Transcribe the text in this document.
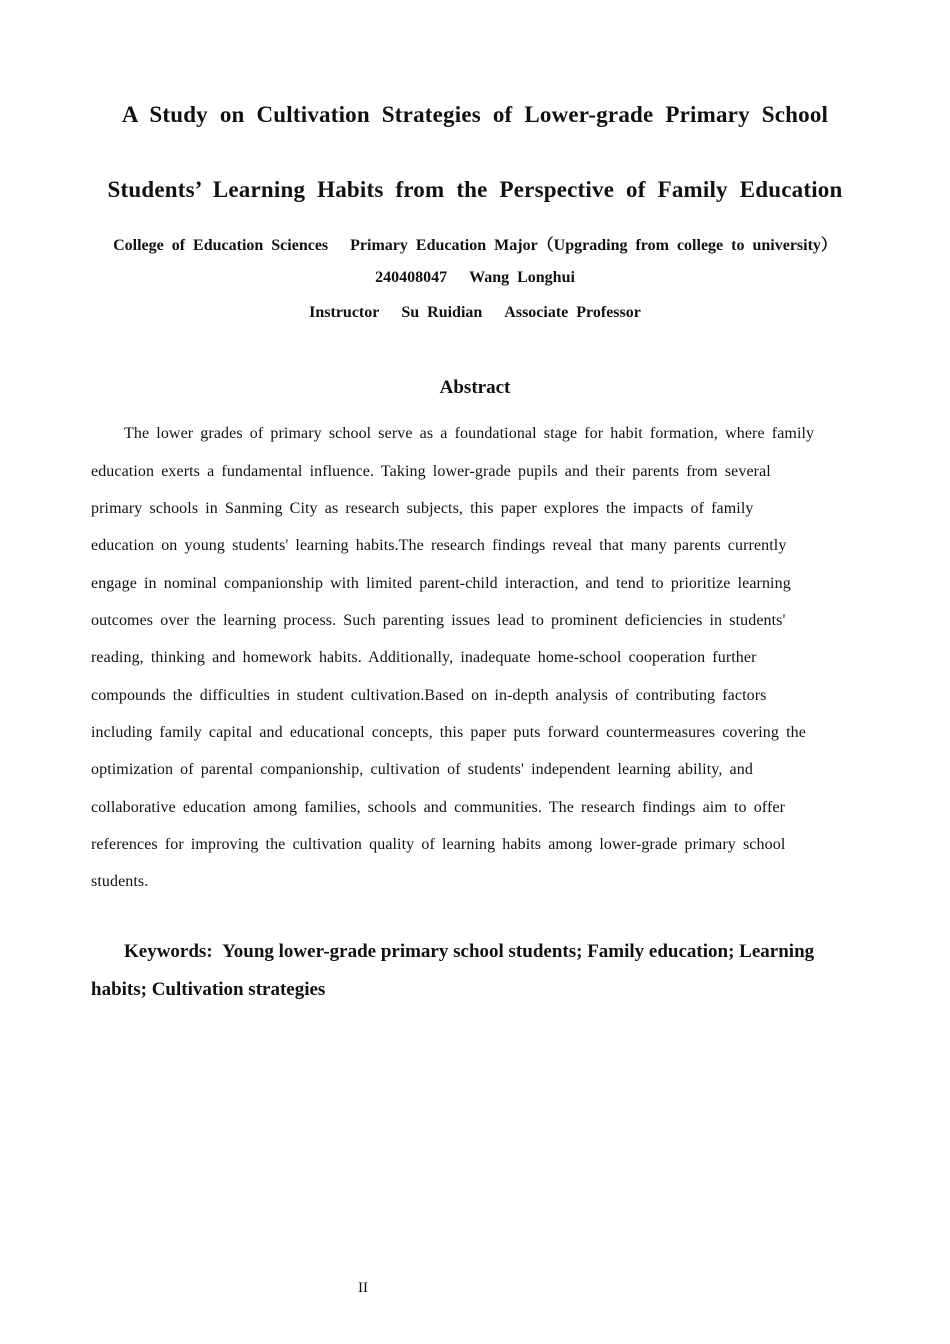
A Study on Cultivation Strategies of Lower-grade Primary School
Students’ Learning Habits from the Perspective of Family Education
College of Education Sciences Primary Education Major（Upgrading from college to university）
240408047 Wang Longhui
Instructor Su Ruidian Associate Professor
Abstract
The lower grades of primary school serve as a foundational stage for habit formation, where family
education exerts a fundamental influence. Taking lower-grade pupils and their parents from several
primary schools in Sanming City as research subjects, this paper explores the impacts of family
education on young students' learning habits.The research findings reveal that many parents currently
engage in nominal companionship with limited parent-child interaction, and tend to prioritize learning
outcomes over the learning process. Such parenting issues lead to prominent deficiencies in students'
reading, thinking and homework habits. Additionally, inadequate home-school cooperation further
compounds the difficulties in student cultivation.Based on in-depth analysis of contributing factors
including family capital and educational concepts, this paper puts forward countermeasures covering the
optimization of parental companionship, cultivation of students' independent learning ability, and
collaborative education among families, schools and communities. The research findings aim to offer
references for improving the cultivation quality of learning habits among lower-grade primary school
students.
Keywords: Young lower-grade primary school students; Family education; Learning
habits; Cultivation strategies
II
